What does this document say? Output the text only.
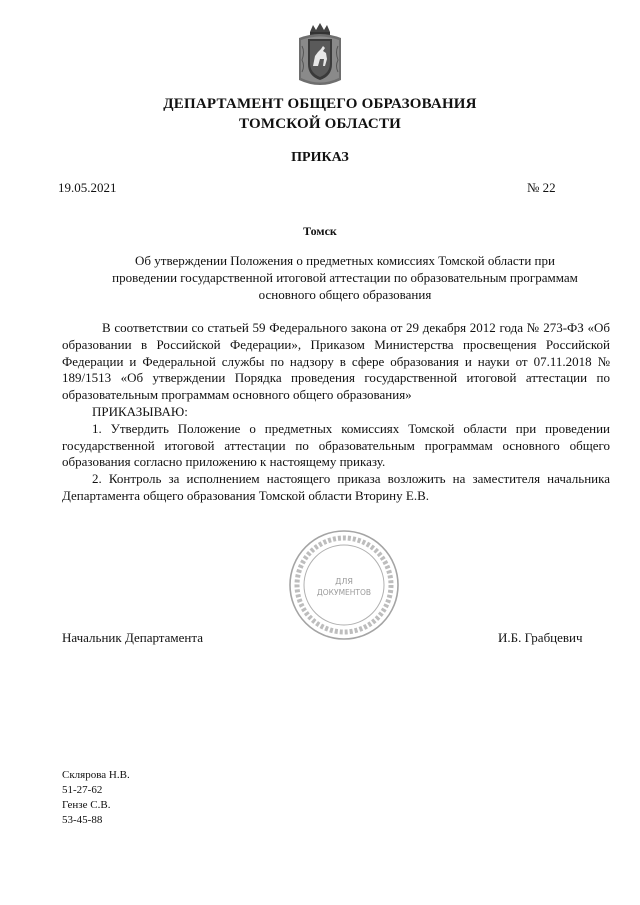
ДЕПАРТАМЕНТ ОБЩЕГО ОБРАЗОВАНИЯ
ТОМСКОЙ ОБЛАСТИ
ПРИКАЗ
19.05.2021	№ 22
Томск
Об утверждении Положения о предметных комиссиях Томской области при проведении государственной итоговой аттестации по образовательным программам основного общего образования

В соответствии со статьей 59 Федерального закона от 29 декабря 2012 года № 273-ФЗ «Об образовании в Российской Федерации», Приказом Министерства просвещения Российской Федерации и Федеральной службы по надзору в сфере образования и науки от 07.11.2018 № 189/1513 «Об утверждении Порядка проведения государственной итоговой аттестации по образовательным программам основного общего образования»

ПРИКАЗЫВАЮ:

1. Утвердить Положение о предметных комиссиях Томской области при проведении государственной итоговой аттестации по образовательным программам основного общего образования согласно приложению к настоящему приказу.

2. Контроль за исполнением настоящего приказа возложить на заместителя начальника Департамента общего образования Томской области Вторину Е.В.

ДЛЯ
ДОКУМЕНТОВ
Начальник Департамента	И.Б. Грабцевич
Склярова Н.В.
51-27-62
Гензе С.В.
53-45-88
